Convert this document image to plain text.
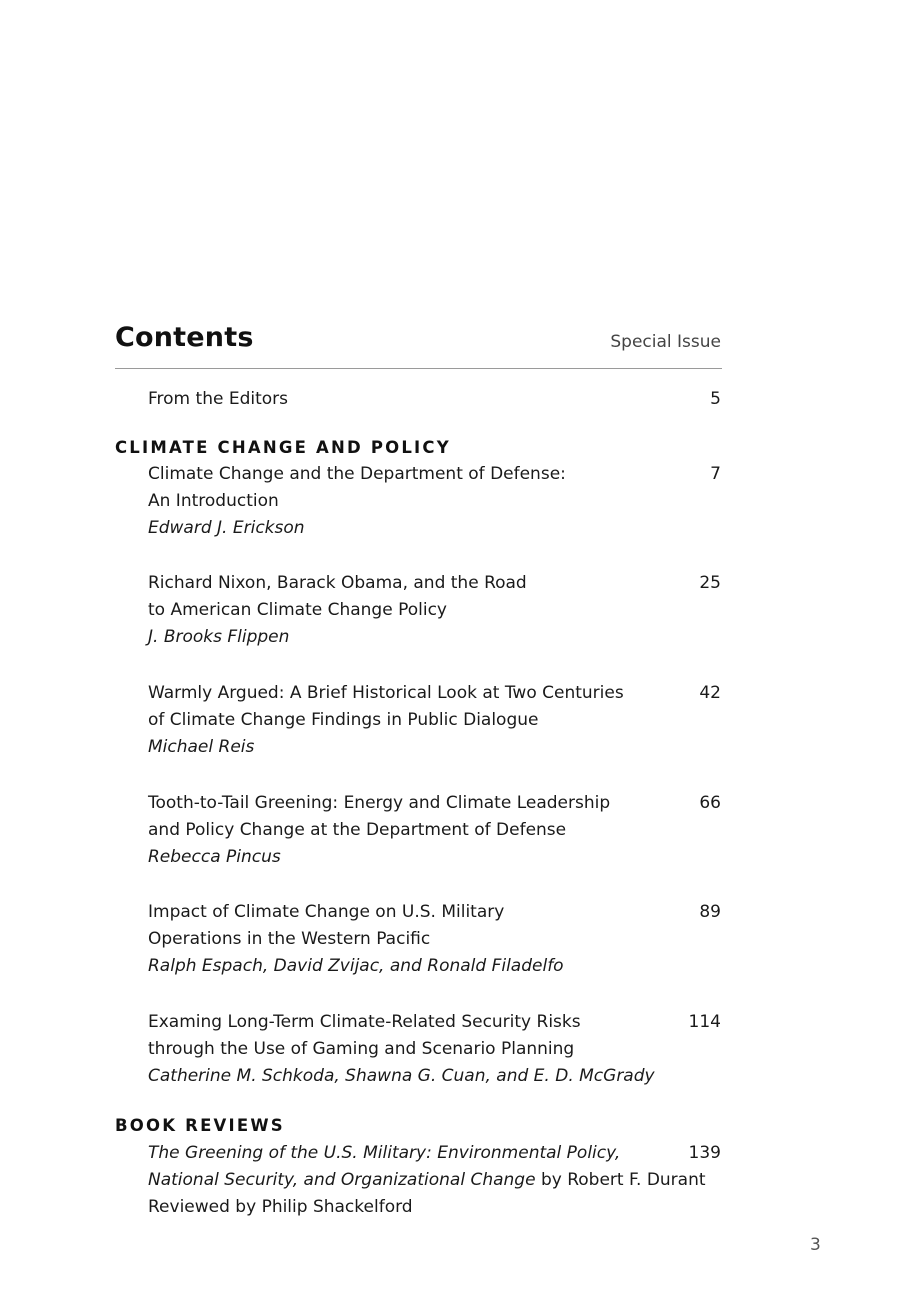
Contents	Special Issue
From the Editors	5
CLIMATE CHANGE AND POLICY
Climate Change and the Department of Defense:
An Introduction
Edward J. Erickson
7
Richard Nixon, Barack Obama, and the Road
to American Climate Change Policy
J. Brooks Flippen
25
Warmly Argued: A Brief Historical Look at Two Centuries
of Climate Change Findings in Public Dialogue
Michael Reis
42
Tooth-to-Tail Greening: Energy and Climate Leadership
and Policy Change at the Department of Defense
Rebecca Pincus
66
Impact of Climate Change on U.S. Military
Operations in the Western Pacific
Ralph Espach, David Zvijac, and Ronald Filadelfo
89
Examing Long-Term Climate-Related Security Risks
through the Use of Gaming and Scenario Planning
Catherine M. Schkoda, Shawna G. Cuan, and E. D. McGrady
114
BOOK REVIEWS
The Greening of the U.S. Military: Environmental Policy,
National Security, and Organizational Change by Robert F. Durant
Reviewed by Philip Shackelford
139
3
